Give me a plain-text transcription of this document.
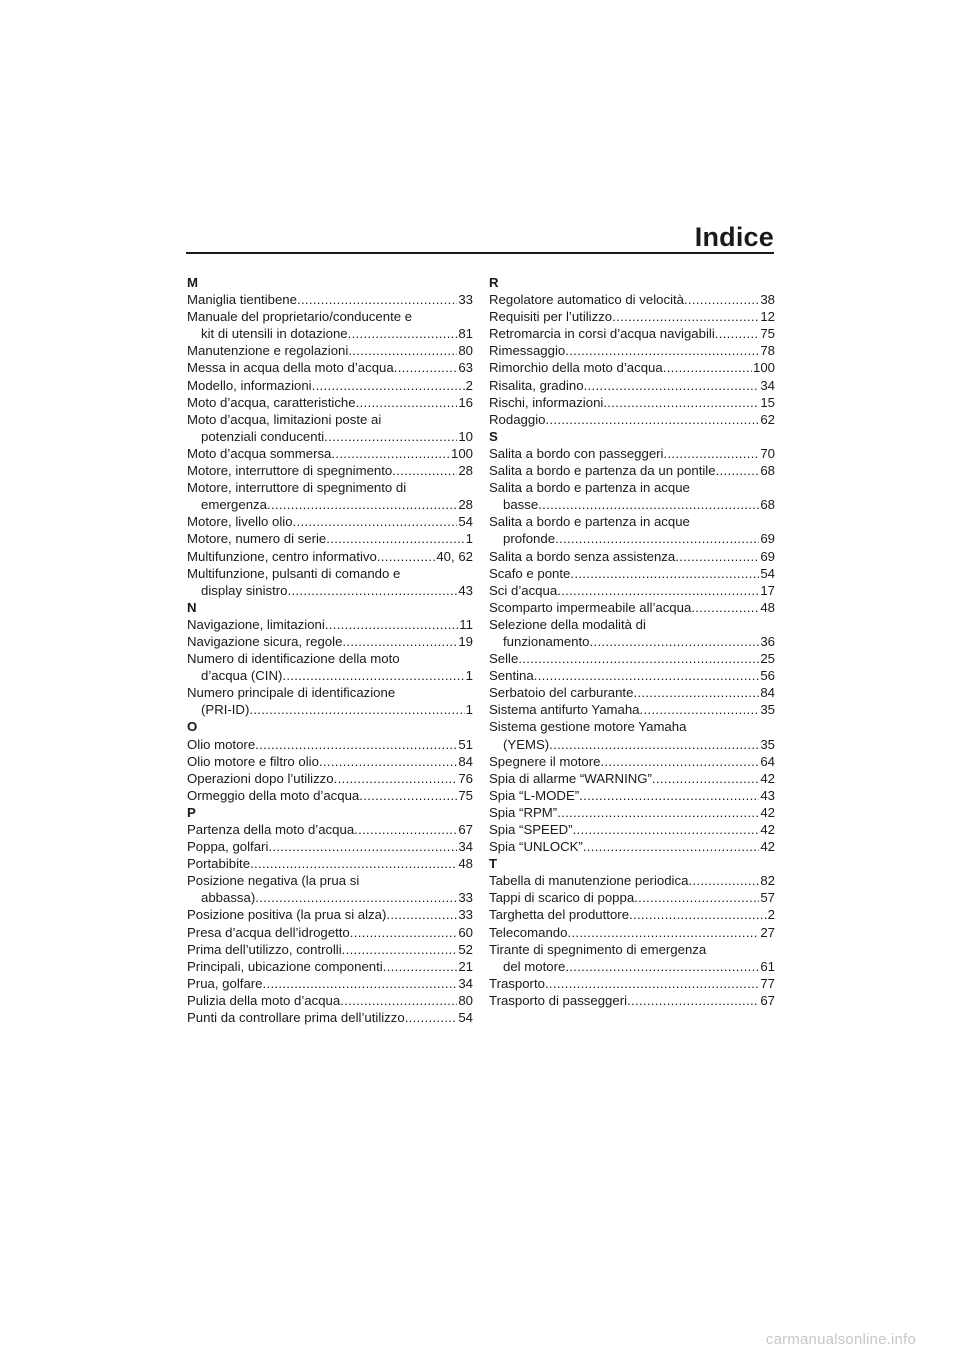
Indice
M
Maniglia tientibene .....	33
Manuale del proprietario/conducente e
kit di utensili in dotazione .....	81
Manutenzione e regolazioni .....	80
Messa in acqua della moto d’acqua .....	63
Modello, informazioni .....	2
Moto d’acqua, caratteristiche .....	16
Moto d’acqua, limitazioni poste ai
potenziali conducenti .....	10
Moto d’acqua sommersa .....	100
Motore, interruttore di spegnimento .....	28
Motore, interruttore di spegnimento di
emergenza .....	28
Motore, livello olio .....	54
Motore, numero di serie .....	1
Multifunzione, centro informativo .....	40, 62
Multifunzione, pulsanti di comando e
display sinistro .....	43
N
Navigazione, limitazioni .....	11
Navigazione sicura, regole .....	19
Numero di identificazione della moto
d’acqua (CIN) .....	1
Numero principale di identificazione
(PRI-ID) .....	1
O
Olio motore .....	51
Olio motore e filtro olio .....	84
Operazioni dopo l’utilizzo .....	76
Ormeggio della moto d’acqua .....	75
P
Partenza della moto d’acqua .....	67
Poppa, golfari .....	34
Portabibite .....	48
Posizione negativa (la prua si
abbassa) .....	33
Posizione positiva (la prua si alza) .....	33
Presa d’acqua dell’idrogetto .....	60
Prima dell’utilizzo, controlli .....	52
Principali, ubicazione componenti .....	21
Prua, golfare .....	34
Pulizia della moto d’acqua .....	80
Punti da controllare prima dell’utilizzo .....	54
R
Regolatore automatico di velocità .....	38
Requisiti per l’utilizzo .....	12
Retromarcia in corsi d’acqua navigabili .....	75
Rimessaggio .....	78
Rimorchio della moto d’acqua .....	100
Risalita, gradino .....	34
Rischi, informazioni .....	15
Rodaggio .....	62
S
Salita a bordo con passeggeri .....	70
Salita a bordo e partenza da un pontile .....	68
Salita a bordo e partenza in acque
basse .....	68
Salita a bordo e partenza in acque
profonde .....	69
Salita a bordo senza assistenza .....	69
Scafo e ponte .....	54
Sci d’acqua .....	17
Scomparto impermeabile all’acqua .....	48
Selezione della modalità di
funzionamento .....	36
Selle .....	25
Sentina .....	56
Serbatoio del carburante .....	84
Sistema antifurto Yamaha .....	35
Sistema gestione motore Yamaha
(YEMS) .....	35
Spegnere il motore .....	64
Spia di allarme “WARNING” .....	42
Spia “L-MODE” .....	43
Spia “RPM” .....	42
Spia “SPEED” .....	42
Spia “UNLOCK” .....	42
T
Tabella di manutenzione periodica .....	82
Tappi di scarico di poppa .....	57
Targhetta del produttore .....	2
Telecomando .....	27
Tirante di spegnimento di emergenza
del motore .....	61
Trasporto .....	77
Trasporto di passeggeri .....	67
carmanualsonline.info
